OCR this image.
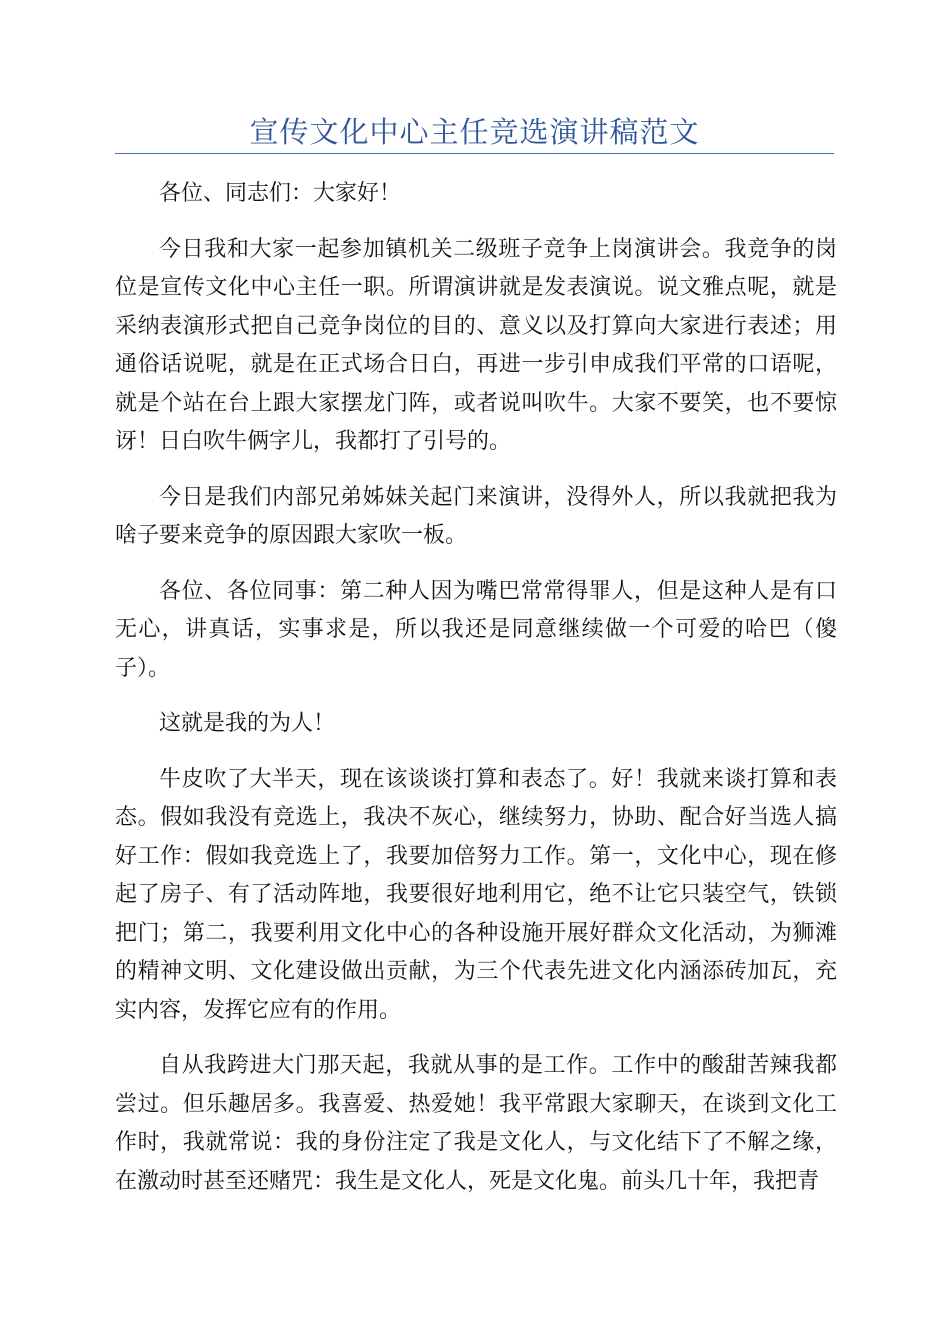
宣传文化中心主任竞选演讲稿范文

各位、同志们：大家好！

今日我和大家一起参加镇机关二级班子竞争上岗演讲会。我竞争的岗位是宣传文化中心主任一职。所谓演讲就是发表演说。说文雅点呢，就是采纳表演形式把自己竞争岗位的目的、意义以及打算向大家进行表述；用通俗话说呢，就是在正式场合日白，再进一步引申成我们平常的口语呢，就是个站在台上跟大家摆龙门阵，或者说叫吹牛。大家不要笑，也不要惊讶！日白吹牛俩字儿，我都打了引号的。

今日是我们内部兄弟姊妹关起门来演讲，没得外人，所以我就把我为啥子要来竞争的原因跟大家吹一板。

各位、各位同事：第二种人因为嘴巴常常得罪人，但是这种人是有口无心，讲真话，实事求是，所以我还是同意继续做一个可爱的哈巴（傻子）。

这就是我的为人！

牛皮吹了大半天，现在该谈谈打算和表态了。好！我就来谈打算和表态。假如我没有竞选上，我决不灰心，继续努力，协助、配合好当选人搞好工作：假如我竞选上了，我要加倍努力工作。第一，文化中心，现在修起了房子、有了活动阵地，我要很好地利用它，绝不让它只装空气，铁锁把门；第二，我要利用文化中心的各种设施开展好群众文化活动，为狮滩的精神文明、文化建设做出贡献，为三个代表先进文化内涵添砖加瓦，充实内容，发挥它应有的作用。

自从我跨进大门那天起，我就从事的是工作。工作中的酸甜苦辣我都尝过。但乐趣居多。我喜爱、热爱她！我平常跟大家聊天，在谈到文化工作时，我就常说：我的身份注定了我是文化人，与文化结下了不解之缘，在激动时甚至还赌咒：我生是文化人，死是文化鬼。前头几十年，我把青
